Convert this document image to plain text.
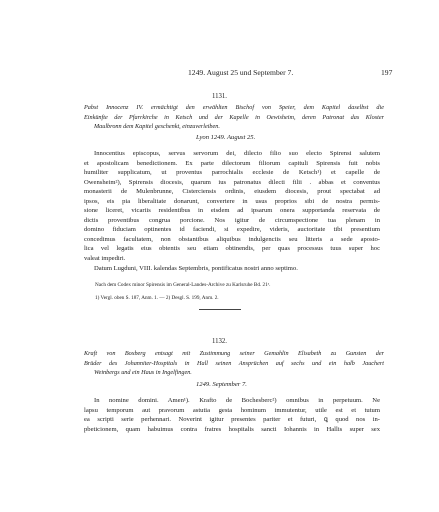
1249. August 25 und September 7.	197
1131.
Pabst Innocenz IV. ermächtigt den erwählten Bischof von Speier, dem Kapitel daselbst die
Einkünfte der Pfarrkirche in Ketsch und der Kapelle in Oewisheim, deren Patronat das Kloster
Maulbronn dem Kapitel geschenkt, einzuverleiben.
Lyon 1249. August 25.
Innocentius episcopus, servus servorum dei, dilecto filio suo electo Spirensi salutem
et apostolicam benedictionem. Ex parte dilectorum filiorum capituli Spirensis fuit nobis
humiliter supplicatum, ut proventus parrochialis ecclesie de Ketsch¹) et capelle de
Owensheim²), Spirensis diocesis, quarum ius patronatus dilecti filii . abbas et conventus
monasterii de Mulenbrunne, Cisterciensis ordinis, eiusdem diocesis, prout spectabat ad
ipsos, eis pia liberalitate donarunt, convertere in usus proprios sibi de nostra permis-
sione liceret, vicariis residentibus in eisdem ad ipsarum onera supportanda reservata de
dictis proventibus congrua porcione. Nos igitur de circumspectione tua plenam in
domino fiduciam optinentes id faciendi, si expedire, videris, auctoritate tibi presentium
concedimus facultatem, non obstantibus aliquibus indulgenciis seu litteris a sede aposto-
lica vel legatis eius obtentis seu etiam obtinendis, per quas processus tuus super hoc
valeat impediri.
Datum Lugduni, VIII. kalendas Septembris, pontificatus nostri anno septimo.
Nach dem Codex minor Spirensis im General-Landes-Archive zu Karlsruhe Bd. 21ᵃ.
1) Vergl. oben S. 187, Anm. 1. — 2) Desgl. S. 199, Anm. 2.
1132.
Kraft von Boxberg entsagt mit Zustimmung seiner Gemahlin Elisabeth zu Gunsten der
Brüder des Johanniter-Hospitals in Hall seinen Ansprüchen auf sechs und ein halb Jauchert
Weinbergs und ein Haus in Ingelfingen.
1249. September 7.
In nomine domini. Amen¹). Krafto de Bochesberc²) omnibus in perpetuum. Ne
lapsu temporum aut pravorum astutia gesta hominum immutentur, utile est et tutum
ea scripti serie perhennari. Noverint igitur presentes pariter et futuri, ꝗ quod nos in-
pbeticionem, quam habuimus contra fratres hospitalis sancti Iohannis in Hallis super sex
